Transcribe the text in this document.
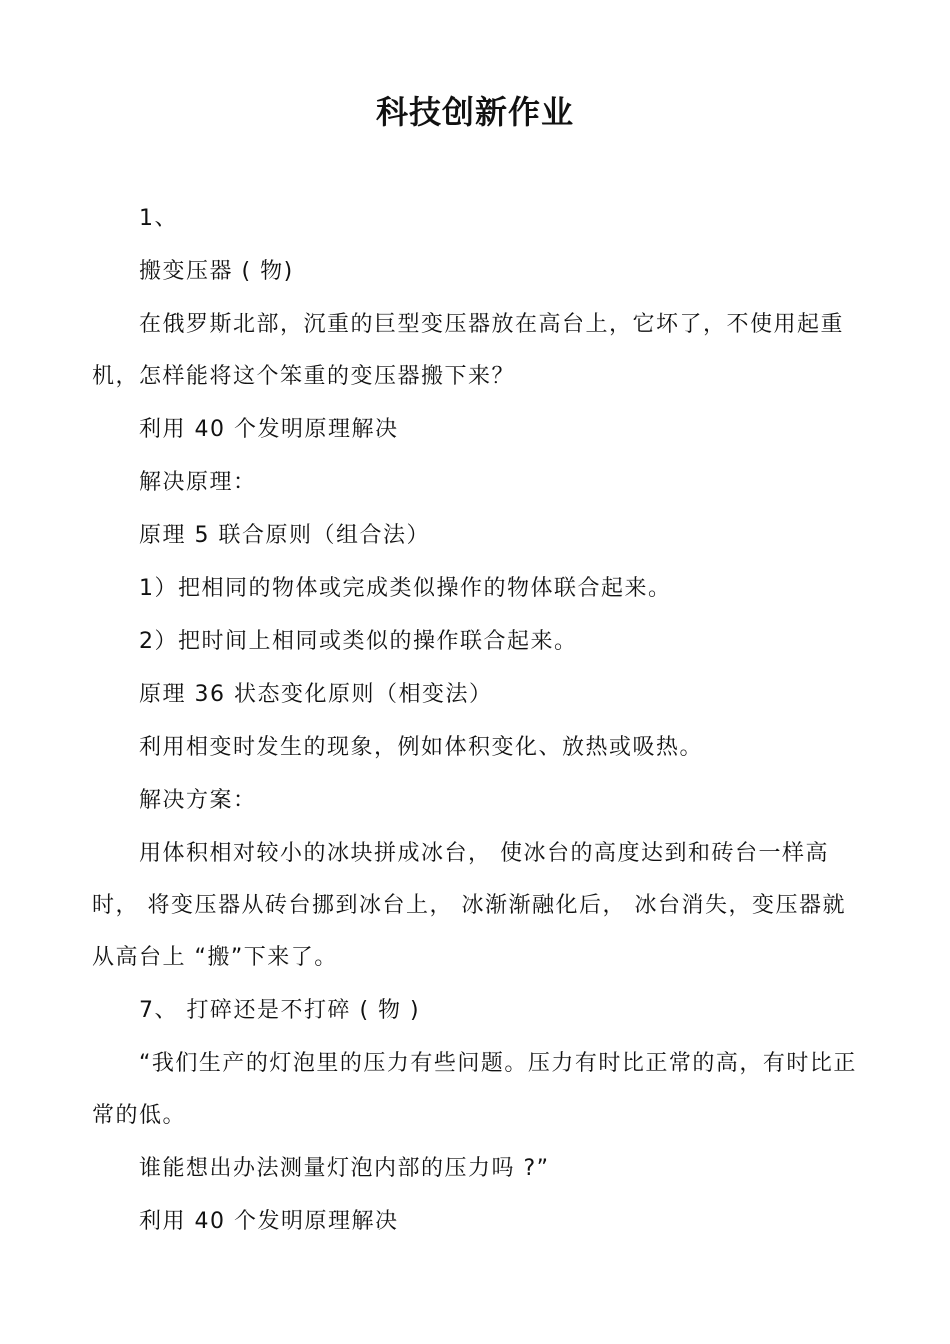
科技创新作业

1、

搬变压器 ( 物)

在俄罗斯北部，沉重的巨型变压器放在高台上，它坏了，不使用起重机，怎样能将这个笨重的变压器搬下来？

利用 40 个发明原理解决

解决原理：

原理 5 联合原则（组合法）

1）把相同的物体或完成类似操作的物体联合起来。

2）把时间上相同或类似的操作联合起来。

原理 36 状态变化原则（相变法）

利用相变时发生的现象，例如体积变化、放热或吸热。

解决方案：

用体积相对较小的冰块拼成冰台， 使冰台的高度达到和砖台一样高时， 将变压器从砖台挪到冰台上， 冰渐渐融化后， 冰台消失，变压器就从高台上 “搬”下来了。

7、 打碎还是不打碎 ( 物 )

“我们生产的灯泡里的压力有些问题。压力有时比正常的高，有时比正常的低。

谁能想出办法测量灯泡内部的压力吗 ?”

利用 40 个发明原理解决
